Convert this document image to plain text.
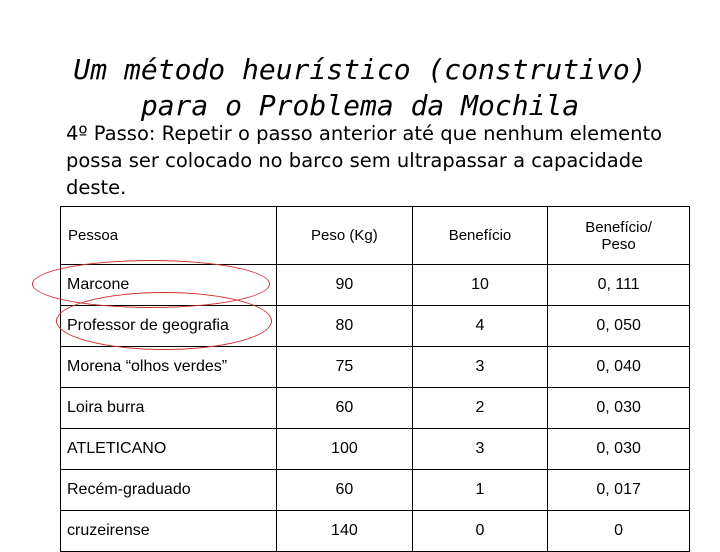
Um método heurístico (construtivo)
para o Problema da Mochila

4º Passo: Repetir o passo anterior até que nenhum elemento possa ser colocado no barco sem ultrapassar a capacidade deste.

Pessoa	Peso (Kg)	Benefício	Benefício/
Peso
Marcone	90	10	0, 111
Professor de geografia	80	4	0, 050
Morena “olhos verdes”	75	3	0, 040
Loira burra	60	2	0, 030
ATLETICANO	100	3	0, 030
Recém-graduado	60	1	0, 017
cruzeirense	140	0	0
